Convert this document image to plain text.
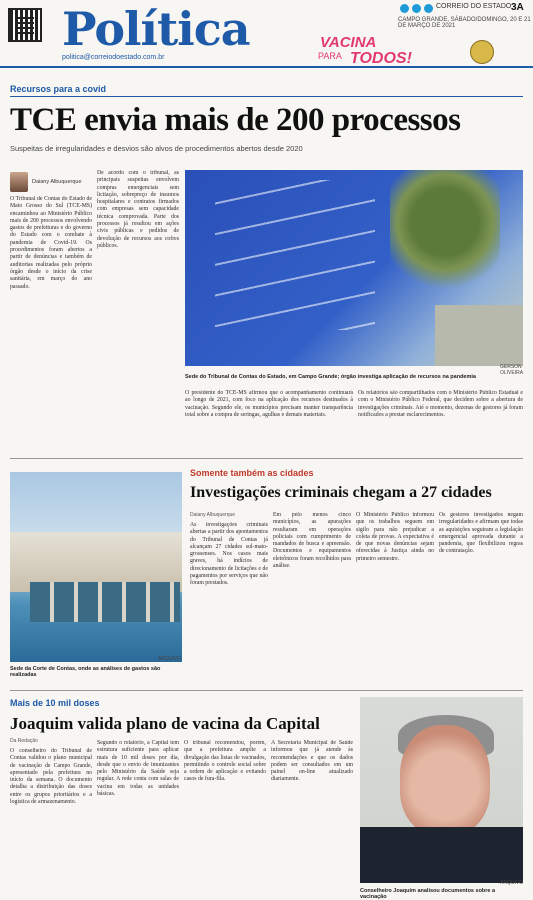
Política
politica@correiodoestado.com.br
CORREIO DO ESTADO 3A
CAMPO GRANDE, SÁBADO/DOMINGO, 20 E 21 DE MARÇO DE 2021
VACINA
PARA TODOS!
Recursos para a covid
TCE envia mais de 200 processos
Suspeitas de irregularidades e desvios são alvos de procedimentos abertos desde 2020
Daiany Albuquerque

O Tribunal de Contas do Estado de Mato Grosso do Sul (TCE-MS) encaminhou ao Ministério Público mais de 200 processos envolvendo gastos de prefeituras e do governo do Estado com o combate à pandemia de Covid-19. Os procedimentos foram abertos a partir de denúncias e também de auditorias realizadas pelo próprio órgão desde o início da crise sanitária, em março do ano passado.

De acordo com o tribunal, as principais suspeitas envolvem compras emergenciais sem licitação, sobrepreço de insumos hospitalares e contratos firmados com empresas sem capacidade técnica comprovada. Parte dos processos já resultou em ações civis públicas e pedidos de devolução de recursos aos cofres públicos.

GERSON OLIVEIRA
Sede do Tribunal de Contas do Estado, em Campo Grande; órgão investiga aplicação de recursos na pandemia

O presidente do TCE-MS afirmou que o acompanhamento continuará ao longo de 2021, com foco na aplicação dos recursos destinados à vacinação. Segundo ele, os municípios precisam manter transparência total sobre a compra de seringas, agulhas e demais materiais.

Os relatórios são compartilhados com o Ministério Público Estadual e com o Ministério Público Federal, que decidem sobre a abertura de investigações criminais. Até o momento, dezenas de gestores já foram notificados a prestar esclarecimentos.

ARQUIVO
Sede da Corte de Contas, onde as análises de gastos são realizadas
Somente também as cidades
Investigações criminais chegam a 27 cidades
Daiany Albuquerque

As investigações criminais abertas a partir dos apontamentos do Tribunal de Contas já alcançam 27 cidades sul-mato-grossenses. Nos casos mais graves, há indícios de direcionamento de licitações e de pagamentos por serviços que não foram prestados.

Em pelo menos cinco municípios, as apurações resultaram em operações policiais com cumprimento de mandados de busca e apreensão. Documentos e equipamentos eletrônicos foram recolhidos para análise.

O Ministério Público informou que os trabalhos seguem em sigilo para não prejudicar a coleta de provas. A expectativa é de que novas denúncias sejam oferecidas à Justiça ainda no primeiro semestre.

Os gestores investigados negam irregularidades e afirmam que todas as aquisições seguiram a legislação emergencial aprovada durante a pandemia, que flexibilizou regras de contratação.

Mais de 10 mil doses
Joaquim valida plano de vacina da Capital
Da Redação

O conselheiro do Tribunal de Contas validou o plano municipal de vacinação de Campo Grande, apresentado pela prefeitura no início da semana. O documento detalha a distribuição das doses entre os grupos prioritários e a logística de armazenamento.

Segundo o relatório, a Capital tem estrutura suficiente para aplicar mais de 10 mil doses por dia, desde que o envio de imunizantes pelo Ministério da Saúde seja regular. A rede conta com salas de vacina em todas as unidades básicas.

O tribunal recomendou, porém, que a prefeitura amplie a divulgação das listas de vacinados, permitindo o controle social sobre a ordem de aplicação e evitando casos de fura-fila.

A Secretaria Municipal de Saúde informou que já atende às recomendações e que os dados podem ser consultados em um painel on-line atualizado diariamente.

ARQUIVO
Conselheiro Joaquim analisou documentos sobre a vacinação
